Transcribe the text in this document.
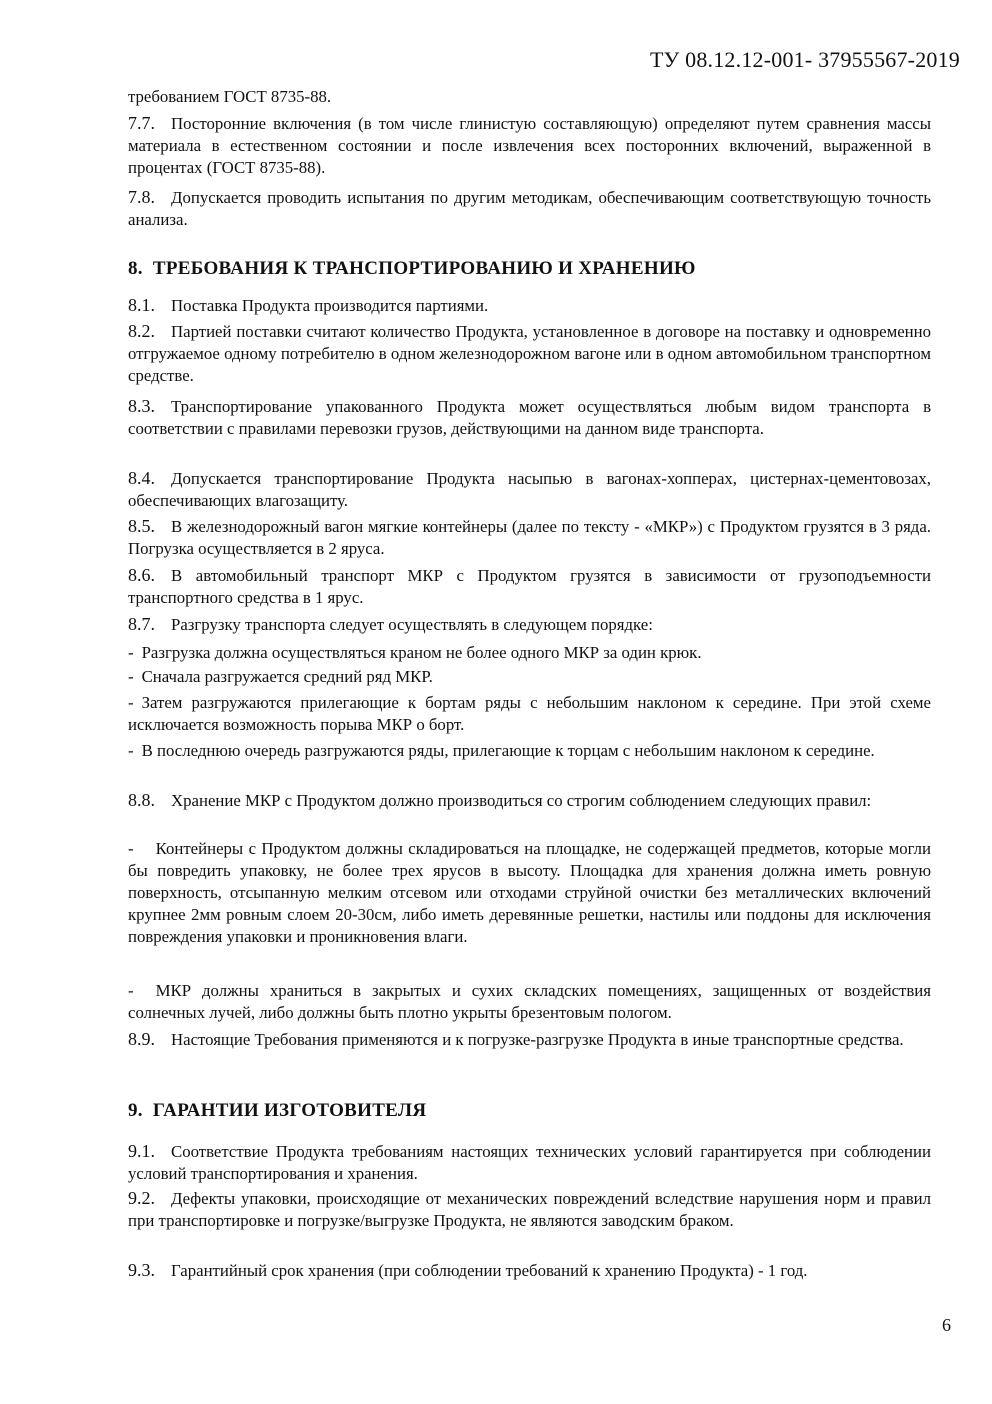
ТУ 08.12.12-001- 37955567-2019

требованием ГОСТ 8735-88.

7.7. Посторонние включения (в том числе глинистую составляющую) определяют путем сравнения массы материала в естественном состоянии и после извлечения всех посторонних включений, выраженной в процентах (ГОСТ 8735-88).

7.8. Допускается проводить испытания по другим методикам, обеспечивающим соответствующую точность анализа.

8. ТРЕБОВАНИЯ К ТРАНСПОРТИРОВАНИЮ И ХРАНЕНИЮ

8.1. Поставка Продукта производится партиями.

8.2. Партией поставки считают количество Продукта, установленное в договоре на поставку и одновременно отгружаемое одному потребителю в одном железнодорожном вагоне или в одном автомобильном транспортном средстве.

8.3. Транспортирование упакованного Продукта может осуществляться любым видом транспорта в соответствии с правилами перевозки грузов, действующими на данном виде транспорта.

8.4. Допускается транспортирование Продукта насыпью в вагонах-хопперах, цистернах-цементовозах, обеспечивающих влагозащиту.

8.5. В железнодорожный вагон мягкие контейнеры (далее по тексту - «МКР») с Продуктом грузятся в 3 ряда. Погрузка осуществляется в 2 яруса.

8.6. В автомобильный транспорт МКР с Продуктом грузятся в зависимости от грузоподъемности транспортного средства в 1 ярус.

8.7. Разгрузку транспорта следует осуществлять в следующем порядке:

- Разгрузка должна осуществляться краном не более одного МКР за один крюк.

- Сначала разгружается средний ряд МКР.

- Затем разгружаются прилегающие к бортам ряды с небольшим наклоном к середине. При этой схеме исключается возможность порыва МКР о борт.

- В последнюю очередь разгружаются ряды, прилегающие к торцам с небольшим наклоном к середине.

8.8. Хранение МКР с Продуктом должно производиться со строгим соблюдением следующих правил:

- Контейнеры с Продуктом должны складироваться на площадке, не содержащей предметов, которые могли бы повредить упаковку, не более трех ярусов в высоту. Площадка для хранения должна иметь ровную поверхность, отсыпанную мелким отсевом или отходами струйной очистки без металлических включений крупнее 2мм ровным слоем 20-30см, либо иметь деревянные решетки, настилы или поддоны для исключения повреждения упаковки и проникновения влаги.

- МКР должны храниться в закрытых и сухих складских помещениях, защищенных от воздействия солнечных лучей, либо должны быть плотно укрыты брезентовым пологом.

8.9. Настоящие Требования применяются и к погрузке-разгрузке Продукта в иные транспортные средства.

9. ГАРАНТИИ ИЗГОТОВИТЕЛЯ

9.1. Соответствие Продукта требованиям настоящих технических условий гарантируется при соблюдении условий транспортирования и хранения.

9.2. Дефекты упаковки, происходящие от механических повреждений вследствие нарушения норм и правил при транспортировке и погрузке/выгрузке Продукта, не являются заводским браком.

9.3. Гарантийный срок хранения (при соблюдении требований к хранению Продукта) - 1 год.

6
